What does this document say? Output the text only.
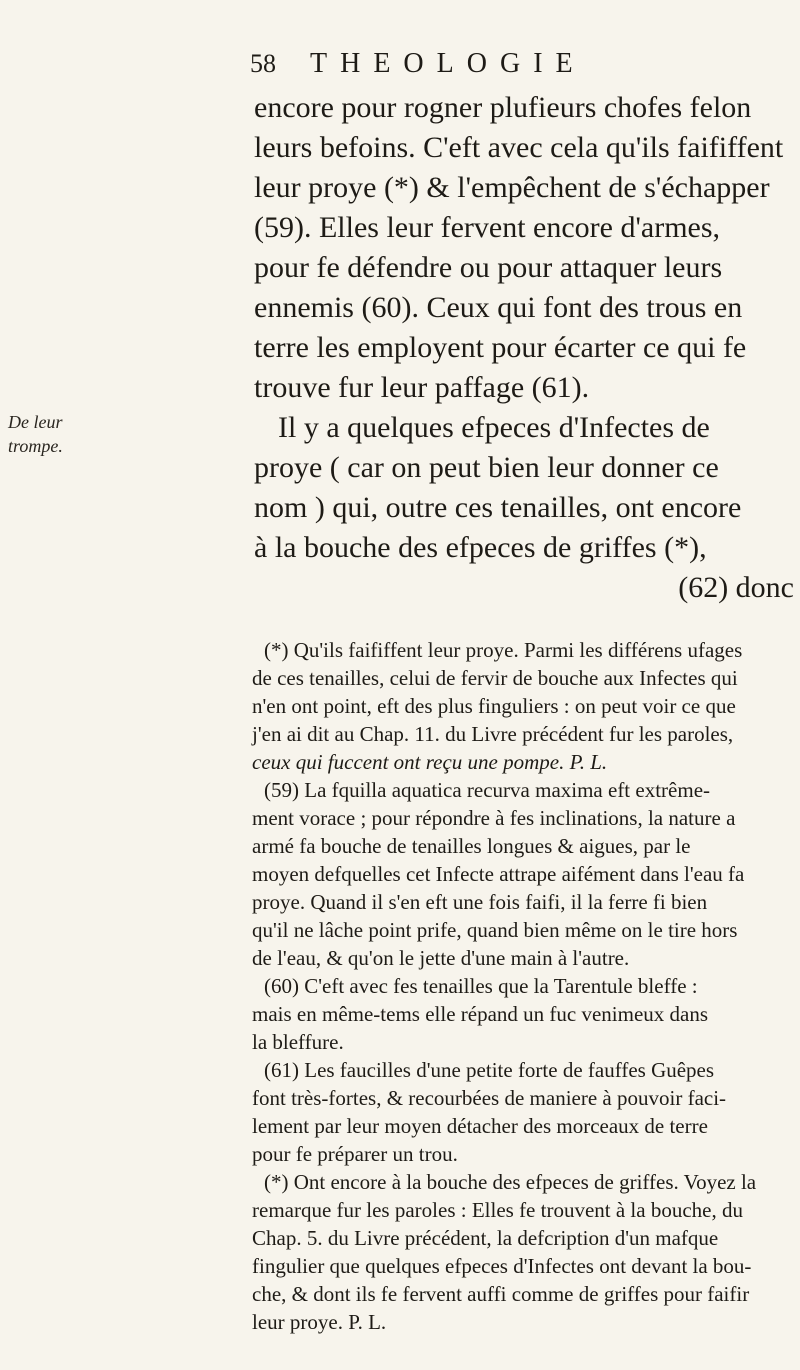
58	THEOLOGIE
De leur
trompe.
encore pour rogner plufieurs chofes felon
leurs befoins. C'eft avec cela qu'ils faififfent
leur proye (*) & l'empêchent de s'échapper
(59). Elles leur fervent encore d'armes,
pour fe défendre ou pour attaquer leurs
ennemis (60). Ceux qui font des trous en
terre les employent pour écarter ce qui fe
trouve fur leur paffage (61).
Il y a quelques efpeces d'Infectes de
proye ( car on peut bien leur donner ce
nom ) qui, outre ces tenailles, ont encore
à la bouche des efpeces de griffes (*),
(62) donc
(*) Qu'ils faififfent leur proye. Parmi les différens ufages
de ces tenailles, celui de fervir de bouche aux Infectes qui
n'en ont point, eft des plus finguliers : on peut voir ce que
j'en ai dit au Chap. 11. du Livre précédent fur les paroles,
ceux qui fuccent ont reçu une pompe. P. L.
(59) La fquilla aquatica recurva maxima eft extrême-
ment vorace ; pour répondre à fes inclinations, la nature a
armé fa bouche de tenailles longues & aigues, par le
moyen defquelles cet Infecte attrape aifément dans l'eau fa
proye. Quand il s'en eft une fois faifi, il la ferre fi bien
qu'il ne lâche point prife, quand bien même on le tire hors
de l'eau, & qu'on le jette d'une main à l'autre.
(60) C'eft avec fes tenailles que la Tarentule bleffe :
mais en même-tems elle répand un fuc venimeux dans
la bleffure.
(61) Les faucilles d'une petite forte de fauffes Guêpes
font très-fortes, & recourbées de maniere à pouvoir faci-
lement par leur moyen détacher des morceaux de terre
pour fe préparer un trou.
(*) Ont encore à la bouche des efpeces de griffes. Voyez la
remarque fur les paroles : Elles fe trouvent à la bouche, du
Chap. 5. du Livre précédent, la defcription d'un mafque
fingulier que quelques efpeces d'Infectes ont devant la bou-
che, & dont ils fe fervent auffi comme de griffes pour faifir
leur proye. P. L.
